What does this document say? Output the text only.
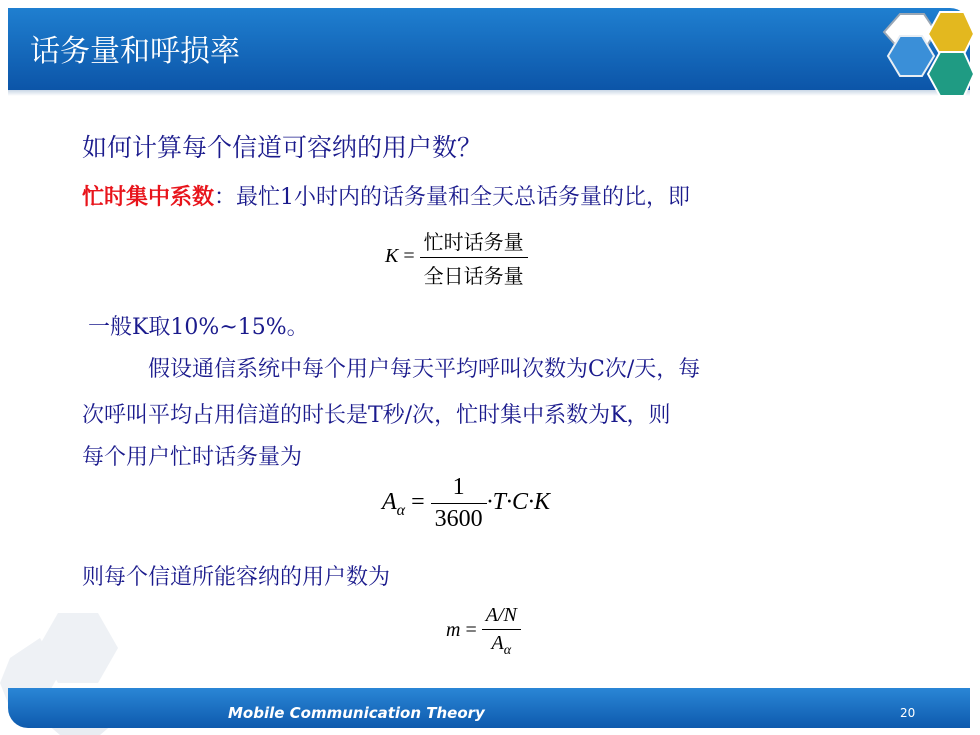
话务量和呼损率
Mobile Communication Theory	20
如何计算每个信道可容纳的用户数？
忙时集中系数：最忙1小时内的话务量和全天总话务量的比，即
$K = \frac{\text{忙时话务量}}{\text{全日话务量}}$
一般K取10%~15%。
假设通信系统中每个用户每天平均呼叫次数为C次/天，每
次呼叫平均占用信道的时长是T秒/次，忙时集中系数为K，则
每个用户忙时话务量为
$A_\alpha = \frac{1}{3600} \cdot T\cdot C\cdot K$
则每个信道所能容纳的用户数为
$m = \frac{A/N}{A_\alpha}$
